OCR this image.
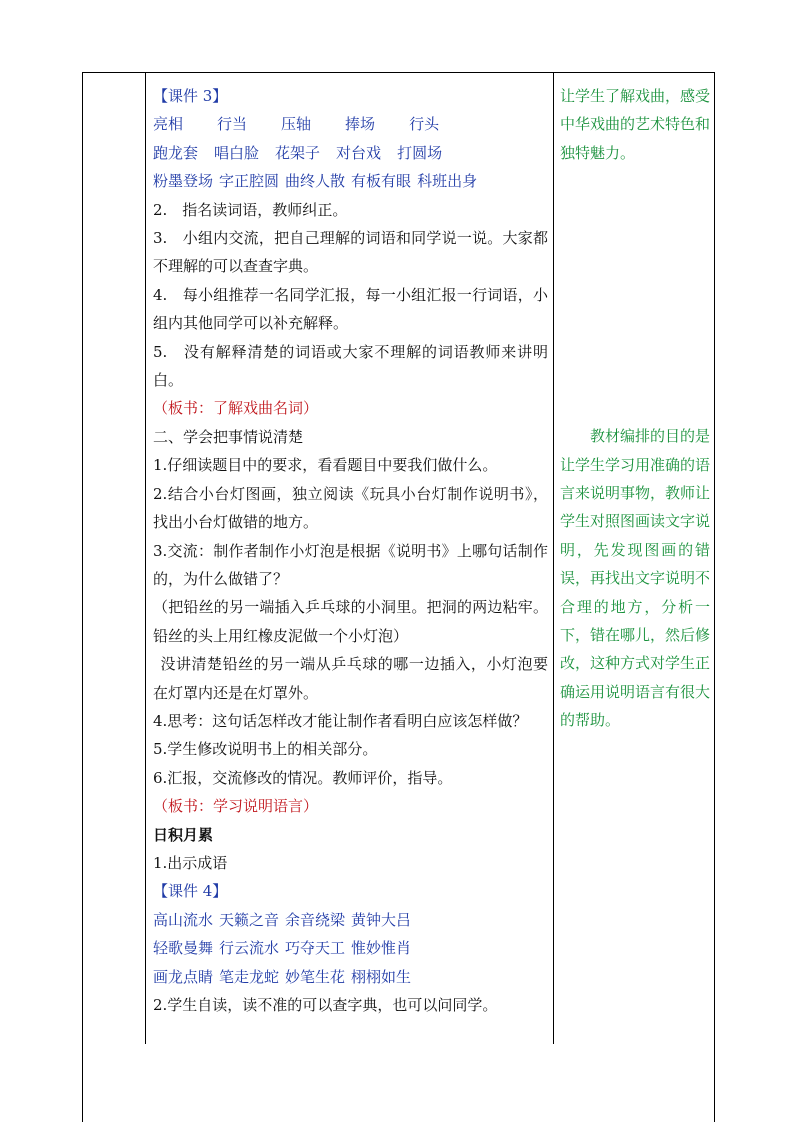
【课件 3】

亮相 行当 压轴 捧场 行头

跑龙套 唱白脸 花架子 对台戏 打圆场

粉墨登场 字正腔圆 曲终人散 有板有眼 科班出身

2.　指名读词语，教师纠正。

3.　小组内交流，把自己理解的词语和同学说一说。大家都不理解的可以查查字典。

4.　每小组推荐一名同学汇报，每一小组汇报一行词语，小组内其他同学可以补充解释。

5.　没有解释清楚的词语或大家不理解的词语教师来讲明白。

（板书：了解戏曲名词）

二、学会把事情说清楚

1.仔细读题目中的要求，看看题目中要我们做什么。

2.结合小台灯图画，独立阅读《玩具小台灯制作说明书》，找出小台灯做错的地方。

3.交流：制作者制作小灯泡是根据《说明书》上哪句话制作的，为什么做错了？

（把铅丝的另一端插入乒乓球的小洞里。把洞的两边粘牢。铅丝的头上用红橡皮泥做一个小灯泡）

没讲清楚铅丝的另一端从乒乓球的哪一边插入，小灯泡要在灯罩内还是在灯罩外。

4.思考：这句话怎样改才能让制作者看明白应该怎样做？

5.学生修改说明书上的相关部分。

6.汇报，交流修改的情况。教师评价，指导。

（板书：学习说明语言）

日积月累

1.出示成语

【课件 4】

高山流水 天籁之音 余音绕梁 黄钟大吕

轻歌曼舞 行云流水 巧夺天工 惟妙惟肖

画龙点睛 笔走龙蛇 妙笔生花 栩栩如生

2.学生自读，读不准的可以查字典，也可以问同学。

让学生了解戏曲，感受中华戏曲的艺术特色和独特魅力。

教材编排的目的是让学生学习用准确的语言来说明事物，教师让学生对照图画读文字说明，先发现图画的错误，再找出文字说明不合理的地方，分析一下，错在哪儿，然后修改，这种方式对学生正确运用说明语言有很大的帮助。
